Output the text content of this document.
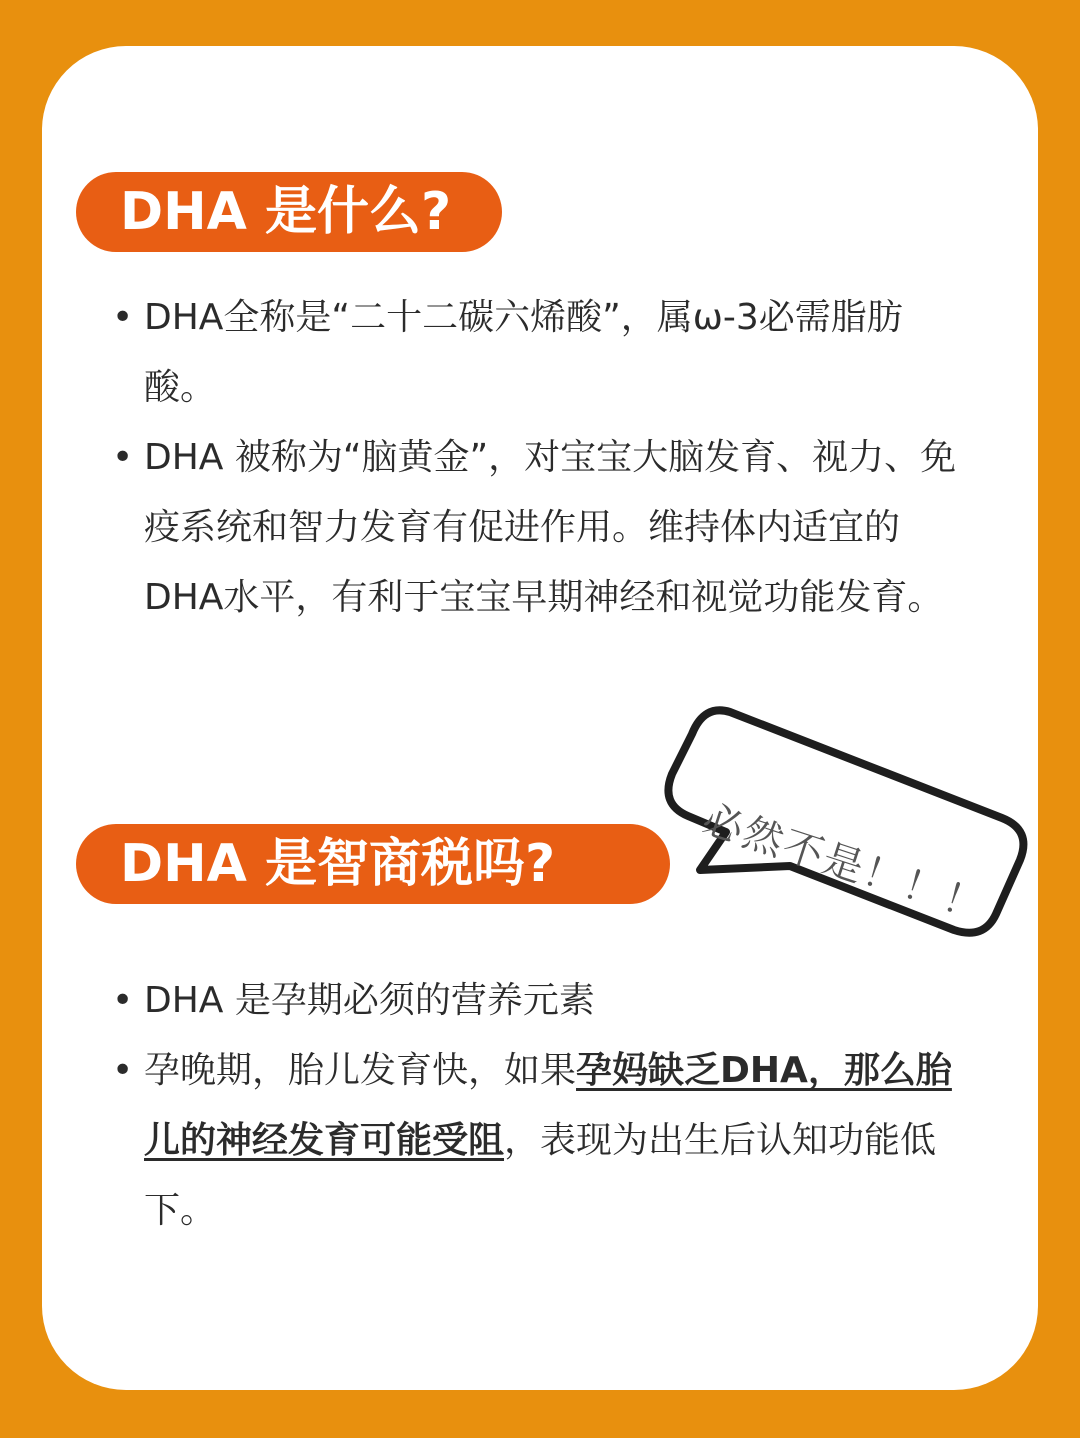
DHA 是什么?
• DHA全称是“二十二碳六烯酸”，属ω-3必需脂肪酸。
• DHA 被称为“脑黄金”，对宝宝大脑发育、视力、免疫系统和智力发育有促进作用。维持体内适宜的DHA水平，有利于宝宝早期神经和视觉功能发育。
必然不是！！！
DHA 是智商税吗?
• DHA 是孕期必须的营养元素
• 孕晚期，胎儿发育快，如果孕妈缺乏DHA，那么胎儿的神经发育可能受阻，表现为出生后认知功能低下。
